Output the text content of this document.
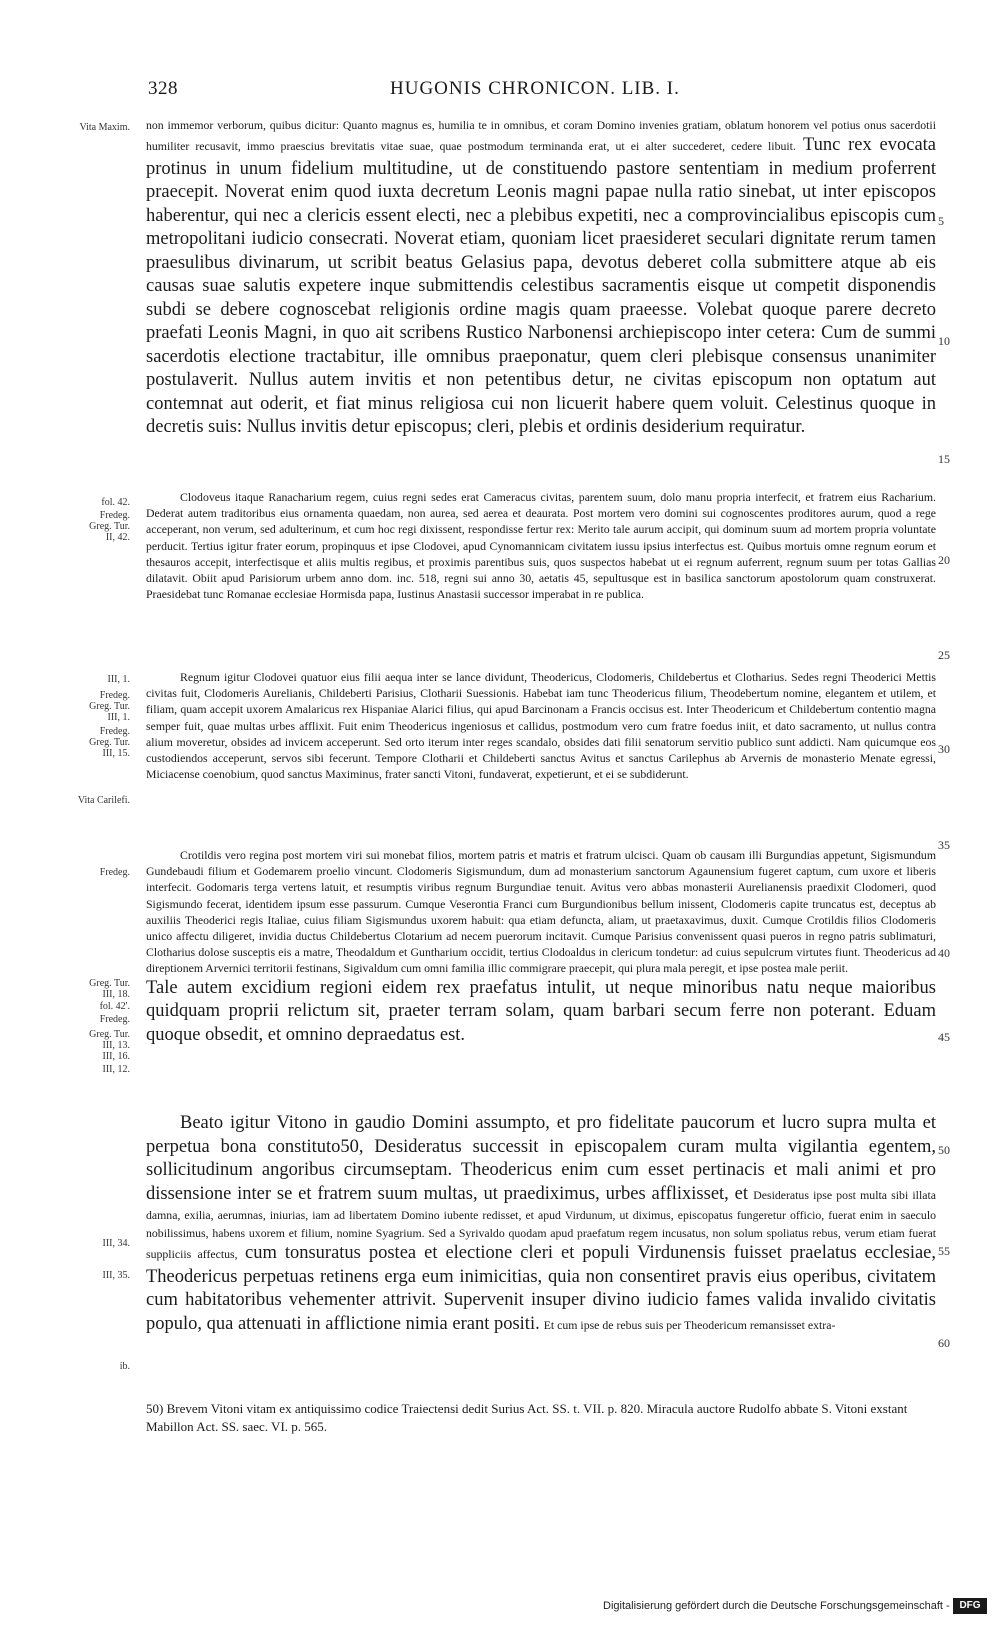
328	HUGONIS CHRONICON. LIB. I.
Vita Maxim.
fol. 42.
Fredeg.
Greg. Tur.
II, 42.
III, 1.
Fredeg.
Greg. Tur.
III, 1.
Fredeg.
Greg. Tur.
III, 15.
Vita Carilefi.
Fredeg.
Greg. Tur.
III, 18.
fol. 42'.
Fredeg.
Greg. Tur.
III, 13.
III, 16.
III, 12.
III, 34.
III, 35.
ib.
5
10
15
20
25
30
35
40
45
50
55
60

non immemor verborum, quibus dicitur: Quanto magnus es, humilia te in omnibus, et coram Domino invenies gratiam, oblatum honorem vel potius onus sacerdotii humiliter recusavit, immo praescius brevitatis vitae suae, quae postmodum terminanda erat, ut ei alter succederet, cedere libuit. Tunc rex evocata protinus in unum fidelium multitudine, ut de constituendo pastore sententiam in medium proferrent praecepit. Noverat enim quod iuxta decretum Leonis magni papae nulla ratio sinebat, ut inter episcopos haberentur, qui nec a clericis essent electi, nec a plebibus expetiti, nec a comprovincialibus episcopis cum metropolitani iudicio consecrati. Noverat etiam, quoniam licet praesideret seculari dignitate rerum tamen praesulibus divinarum, ut scribit beatus Gelasius papa, devotus deberet colla submittere atque ab eis causas suae salutis expetere inque submittendis celestibus sacramentis eisque ut competit disponendis subdi se debere cognoscebat religionis ordine magis quam praeesse. Volebat quoque parere decreto praefati Leonis Magni, in quo ait scribens Rustico Narbonensi archiepiscopo inter cetera: Cum de summi sacerdotis electione tractabitur, ille omnibus praeponatur, quem cleri plebisque consensus unanimiter postulaverit. Nullus autem invitis et non petentibus detur, ne civitas episcopum non optatum aut contemnat aut oderit, et fiat minus religiosa cui non licuerit habere quem voluit. Celestinus quoque in decretis suis: Nullus invitis detur episcopus; cleri, plebis et ordinis desiderium requiratur.

Clodoveus itaque Ranacharium regem, cuius regni sedes erat Cameracus civitas, parentem suum, dolo manu propria interfecit, et fratrem eius Racharium. Dederat autem traditoribus eius ornamenta quaedam, non aurea, sed aerea et deaurata. Post mortem vero domini sui cognoscentes proditores aurum, quod a rege acceperant, non verum, sed adulterinum, et cum hoc regi dixissent, respondisse fertur rex: Merito tale aurum accipit, qui dominum suum ad mortem propria voluntate perducit. Tertius igitur frater eorum, propinquus et ipse Clodovei, apud Cynomannicam civitatem iussu ipsius interfectus est. Quibus mortuis omne regnum eorum et thesauros accepit, interfectisque et aliis multis regibus, et proximis parentibus suis, quos suspectos habebat ut ei regnum auferrent, regnum suum per totas Gallias dilatavit. Obiit apud Parisiorum urbem anno dom. inc. 518, regni sui anno 30, aetatis 45, sepultusque est in basilica sanctorum apostolorum quam construxerat. Praesidebat tunc Romanae ecclesiae Hormisda papa, Iustinus Anastasii successor imperabat in re publica.
Regnum igitur Clodovei quatuor eius filii aequa inter se lance dividunt, Theodericus, Clodomeris, Childebertus et Clotharius. Sedes regni Theoderici Mettis civitas fuit, Clodomeris Aurelianis, Childeberti Parisius, Clotharii Suessionis. Habebat iam tunc Theodericus filium, Theodebertum nomine, elegantem et utilem, et filiam, quam accepit uxorem Amalaricus rex Hispaniae Alarici filius, qui apud Barcinonam a Francis occisus est. Inter Theodericum et Childebertum contentio magna semper fuit, quae multas urbes afflixit. Fuit enim Theodericus ingeniosus et callidus, postmodum vero cum fratre foedus iniit, et dato sacramento, ut nullus contra alium moveretur, obsides ad invicem acceperunt. Sed orto iterum inter reges scandalo, obsides dati filii senatorum servitio publico sunt addicti. Nam quicumque eos custodiendos acceperunt, servos sibi fecerunt. Tempore Clotharii et Childeberti sanctus Avitus et sanctus Carilephus ab Arvernis de monasterio Menate egressi, Miciacense coenobium, quod sanctus Maximinus, frater sancti Vitoni, fundaverat, expetierunt, et ei se subdiderunt.

Crotildis vero regina post mortem viri sui monebat filios, mortem patris et matris et fratrum ulcisci. Quam ob causam illi Burgundias appetunt, Sigismundum Gundebaudi filium et Godemarem proelio vincunt. Clodomeris Sigismundum, dum ad monasterium sanctorum Agaunensium fugeret captum, cum uxore et liberis interfecit. Godomaris terga vertens latuit, et resumptis viribus regnum Burgundiae tenuit. Avitus vero abbas monasterii Aurelianensis praedixit Clodomeri, quod Sigismundo fecerat, identidem ipsum esse passurum. Cumque Veserontia Franci cum Burgundionibus bellum inissent, Clodomeris capite truncatus est, deceptus ab auxiliis Theoderici regis Italiae, cuius filiam Sigismundus uxorem habuit: qua etiam defuncta, aliam, ut praetaxavimus, duxit. Cumque Crotildis filios Clodomeris unico affectu diligeret, invidia ductus Childebertus Clotarium ad necem puerorum incitavit. Cumque Parisius convenissent quasi pueros in regno patris sublimaturi, Clotharius dolose susceptis eis a matre, Theodaldum et Guntharium occidit, tertius Clodoaldus in clericum tondetur: ad cuius sepulcrum virtutes fiunt. Theodericus ad direptionem Arvernici territorii festinans, Sigivaldum cum omni familia illic commigrare praecepit, qui plura mala peregit, et ipse postea male periit.

Tale autem excidium regioni eidem rex praefatus intulit, ut neque minoribus natu neque maioribus quidquam proprii relictum sit, praeter terram solam, quam barbari secum ferre non poterant. Eduam quoque obsedit, et omnino depraedatus est.

Beato igitur Vitono in gaudio Domini assumpto, et pro fidelitate paucorum et lucro supra multa et perpetua bona constituto50, Desideratus successit in episcopalem curam multa vigilantia egentem, sollicitudinum angoribus circumseptam. Theodericus enim cum esset pertinacis et mali animi et pro dissensione inter se et fratrem suum multas, ut praediximus, urbes afflixisset, et Desideratus ipse post multa sibi illata damna, exilia, aerumnas, iniurias, iam ad libertatem Domino iubente redisset, et apud Virdunum, ut diximus, episcopatus fungeretur officio, fuerat enim in saeculo nobilissimus, habens uxorem et filium, nomine Syagrium. Sed a Syrivaldo quodam apud praefatum regem incusatus, non solum spoliatus rebus, verum etiam fuerat suppliciis affectus, cum tonsuratus postea et electione cleri et populi Virdunensis fuisset praelatus ecclesiae, Theodericus perpetuas retinens erga eum inimicitias, quia non consentiret pravis eius operibus, civitatem cum habitatoribus vehementer attrivit. Supervenit insuper divino iudicio fames valida invalido civitatis populo, qua attenuati in afflictione nimia erant positi. Et cum ipse de rebus suis per Theodericum remansisset extra-

50) Brevem Vitoni vitam ex antiquissimo codice Traiectensi dedit Surius Act. SS. t. VII. p. 820. Miracula auctore Rudolfo abbate S. Vitoni exstant Mabillon Act. SS. saec. VI. p. 565.
Digitalisierung gefördert durch die Deutsche Forschungsgemeinschaft - DFG
